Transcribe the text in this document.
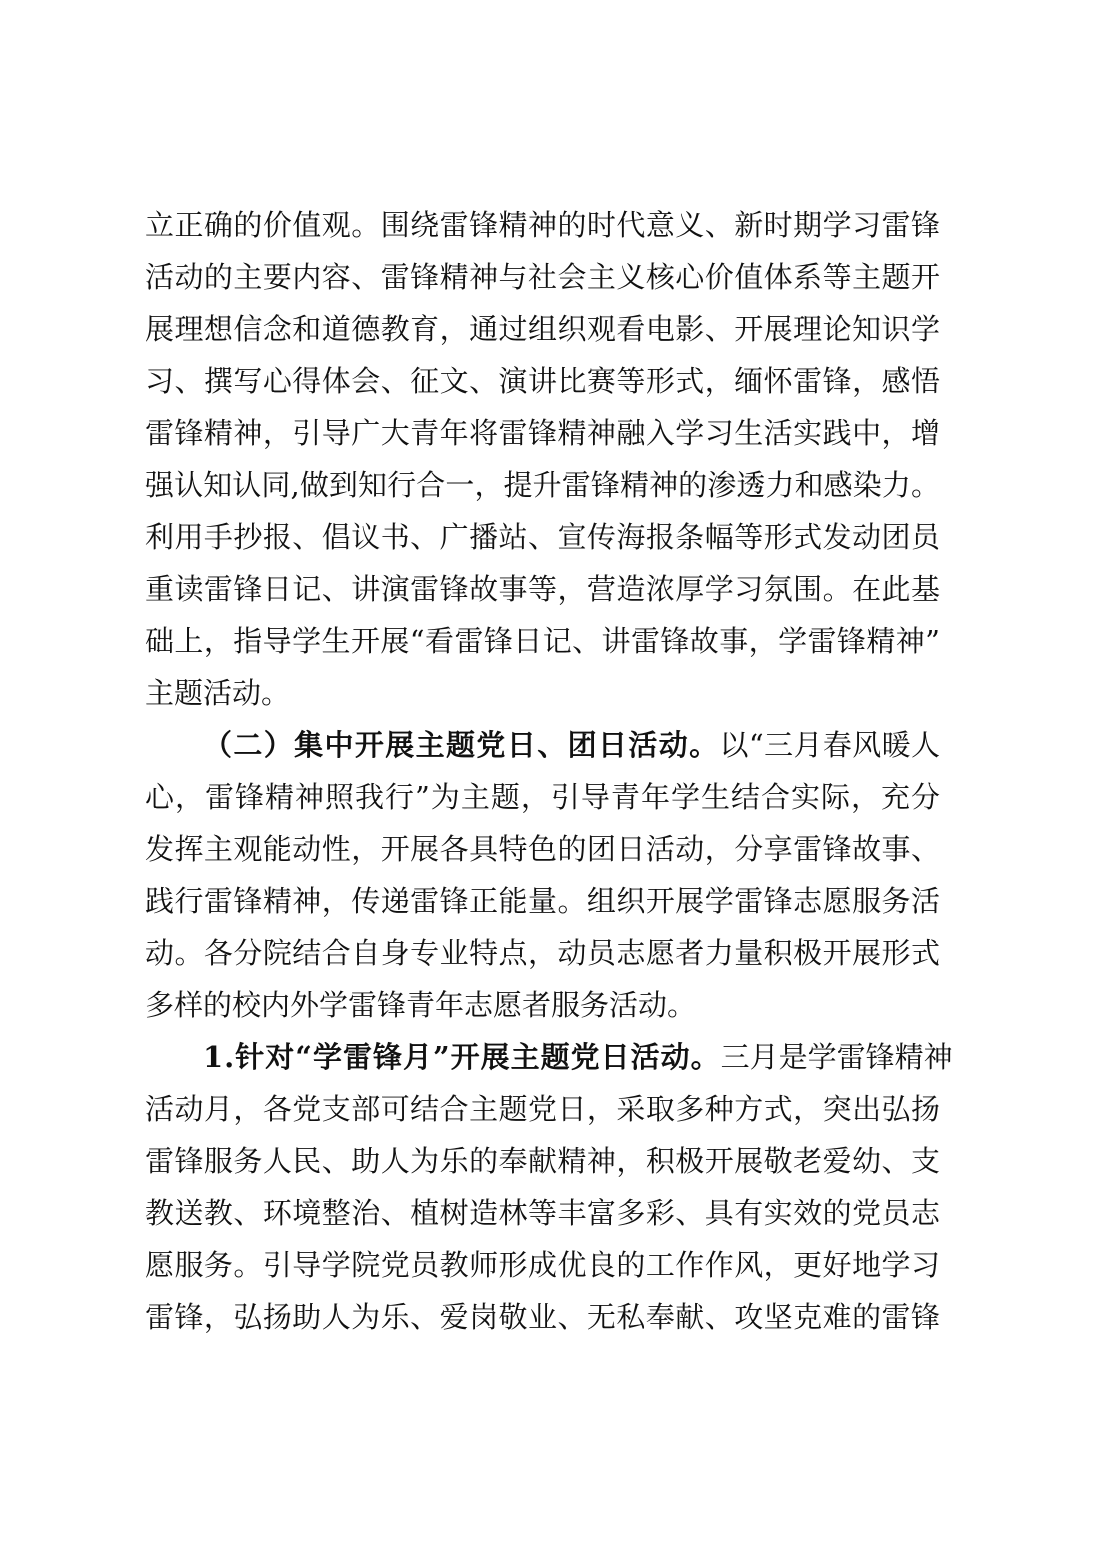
立正确的价值观。围绕雷锋精神的时代意义、新时期学习雷锋
活动的主要内容、雷锋精神与社会主义核心价值体系等主题开
展理想信念和道德教育，通过组织观看电影、开展理论知识学
习、撰写心得体会、征文、演讲比赛等形式，缅怀雷锋，感悟
雷锋精神，引导广大青年将雷锋精神融入学习生活实践中，增
强认知认同,做到知行合一，提升雷锋精神的渗透力和感染力。
利用手抄报、倡议书、广播站、宣传海报条幅等形式发动团员
重读雷锋日记、讲演雷锋故事等，营造浓厚学习氛围。在此基
础上，指导学生开展“看雷锋日记、讲雷锋故事，学雷锋精神”
主题活动。
（二）集中开展主题党日、团日活动。以“三月春风暖人
心，雷锋精神照我行”为主题，引导青年学生结合实际，充分
发挥主观能动性，开展各具特色的团日活动，分享雷锋故事、
践行雷锋精神，传递雷锋正能量。组织开展学雷锋志愿服务活
动。各分院结合自身专业特点，动员志愿者力量积极开展形式
多样的校内外学雷锋青年志愿者服务活动。
1.针对“学雷锋月”开展主题党日活动。三月是学雷锋精神
活动月，各党支部可结合主题党日，采取多种方式，突出弘扬
雷锋服务人民、助人为乐的奉献精神，积极开展敬老爱幼、支
教送教、环境整治、植树造林等丰富多彩、具有实效的党员志
愿服务。引导学院党员教师形成优良的工作作风，更好地学习
雷锋，弘扬助人为乐、爱岗敬业、无私奉献、攻坚克难的雷锋
